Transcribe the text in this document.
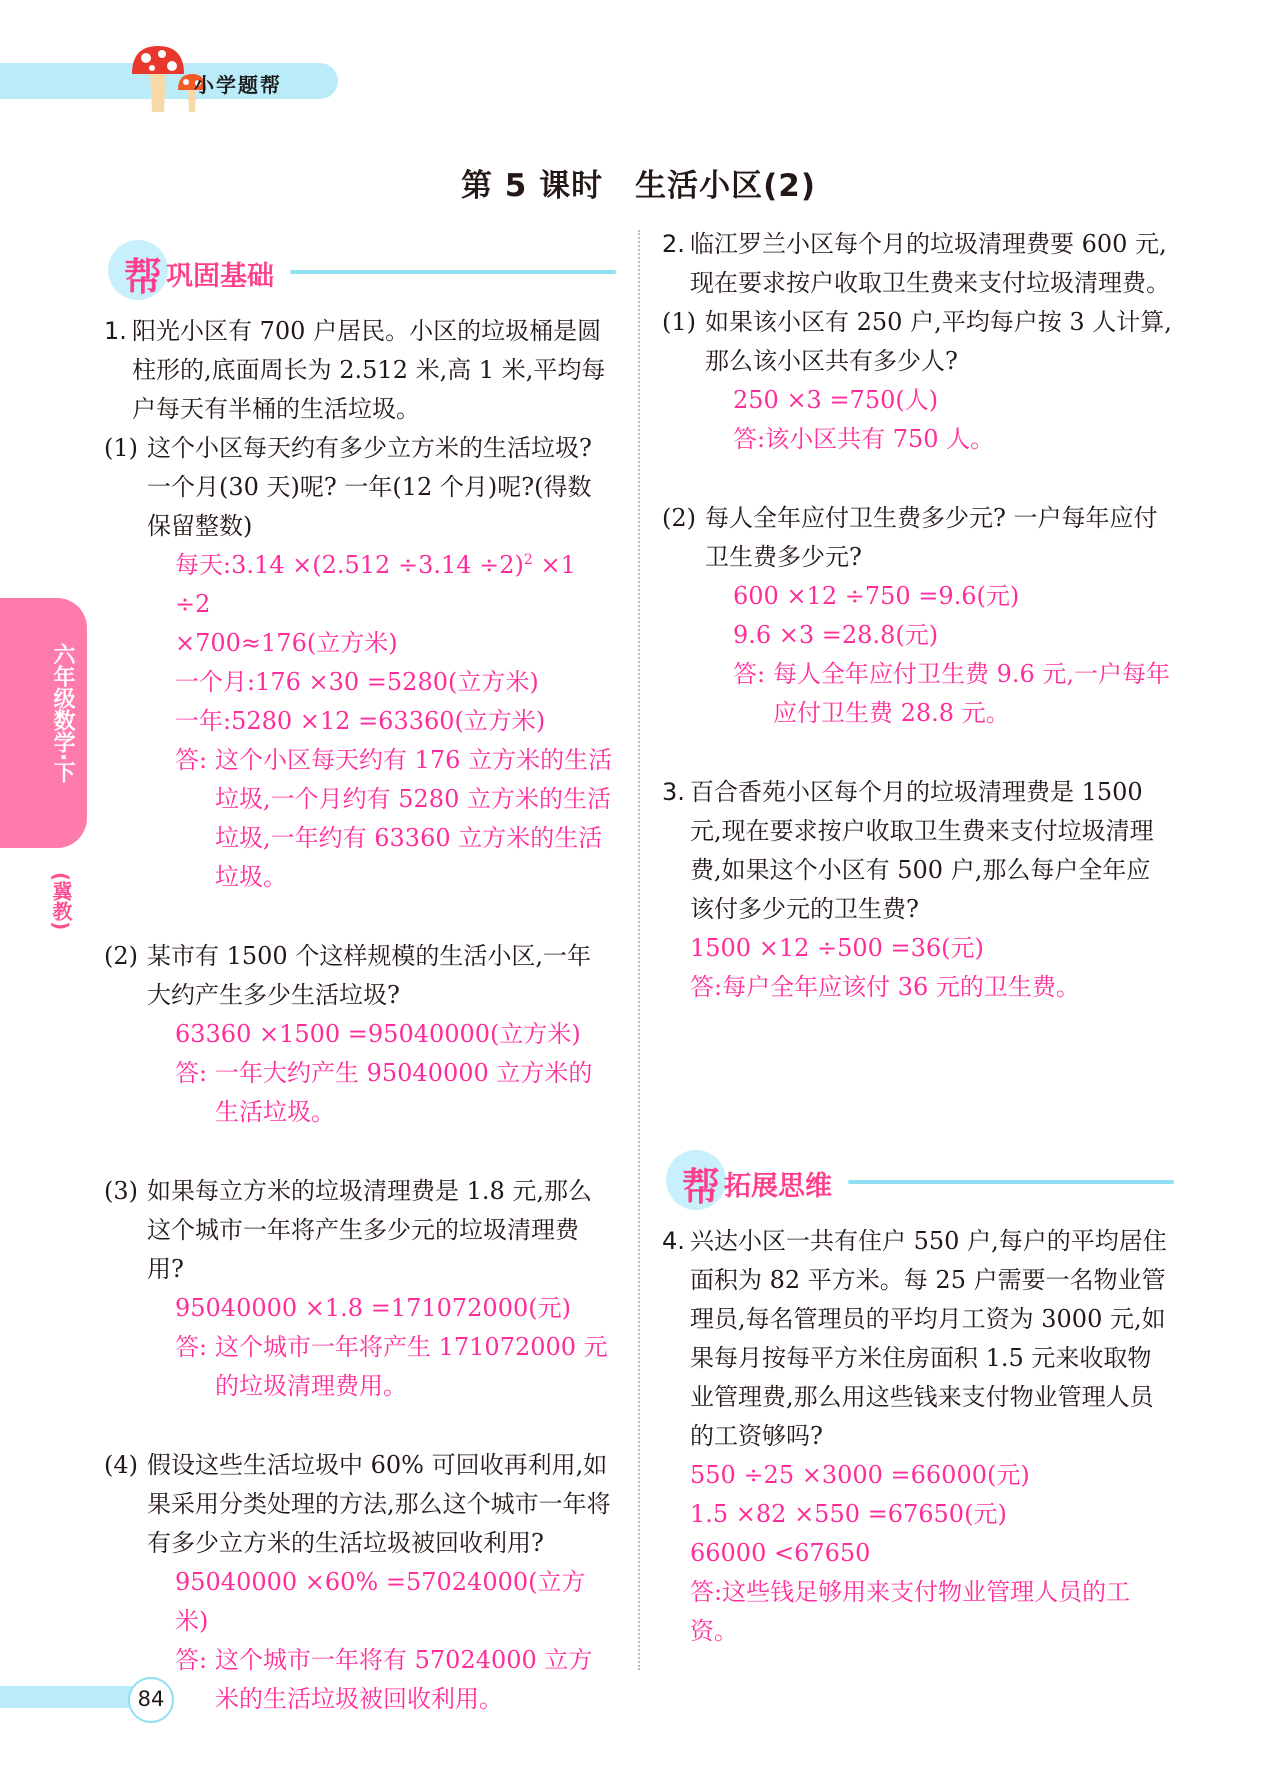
小学题帮
第 5 课时　生活小区(2)
六年级数学·下
(冀教)
帮 巩固基础

1. 阳光小区有 700 户居民。小区的垃圾桶是圆柱形的,底面周长为 2.512 米,高 1 米,平均每户每天有半桶的生活垃圾。

(1) 这个小区每天约有多少立方米的生活垃圾? 一个月(30 天)呢? 一年(12 个月)呢?(得数保留整数)

每天:3.14 $\times(2.512 \div 3.14 \div 2)^2 \times 1 \div 2$

×700≈176(立方米)

一个月:176 ×30 =5280(立方米)

一年:5280 ×12 =63360(立方米)

答: 这个小区每天约有 176 立方米的生活垃圾,一个月约有 5280 立方米的生活垃圾,一年约有 63360 立方米的生活垃圾。

(2) 某市有 1500 个这样规模的生活小区,一年大约产生多少生活垃圾?

63360 ×1500 =95040000(立方米)

答: 一年大约产生 95040000 立方米的生活垃圾。

(3) 如果每立方米的垃圾清理费是 1.8 元,那么这个城市一年将产生多少元的垃圾清理费用?

95040000 ×1.8 =171072000(元)

答: 这个城市一年将产生 171072000 元的垃圾清理费用。

(4) 假设这些生活垃圾中 60% 可回收再利用,如果采用分类处理的方法,那么这个城市一年将有多少立方米的生活垃圾被回收利用?

95040000 ×60% =57024000(立方米)

答: 这个城市一年将有 57024000 立方米的生活垃圾被回收利用。

2. 临江罗兰小区每个月的垃圾清理费要 600 元,现在要求按户收取卫生费来支付垃圾清理费。

(1) 如果该小区有 250 户,平均每户按 3 人计算,那么该小区共有多少人?

250 ×3 =750(人)

答:该小区共有 750 人。

(2) 每人全年应付卫生费多少元? 一户每年应付卫生费多少元?

600 ×12 ÷750 =9.6(元)

9.6 ×3 =28.8(元)

答: 每人全年应付卫生费 9.6 元,一户每年应付卫生费 28.8 元。

3. 百合香苑小区每个月的垃圾清理费是 1500 元,现在要求按户收取卫生费来支付垃圾清理费,如果这个小区有 500 户,那么每户全年应该付多少元的卫生费?

1500 ×12 ÷500 =36(元)

答:每户全年应该付 36 元的卫生费。

帮 拓展思维

4. 兴达小区一共有住户 550 户,每户的平均居住面积为 82 平方米。每 25 户需要一名物业管理员,每名管理员的平均月工资为 3000 元,如果每月按每平方米住房面积 1.5 元来收取物业管理费,那么用这些钱来支付物业管理人员的工资够吗?

550 ÷25 ×3000 =66000(元)

1.5 ×82 ×550 =67650(元)

66000 <67650

答:这些钱足够用来支付物业管理人员的工资。

84
